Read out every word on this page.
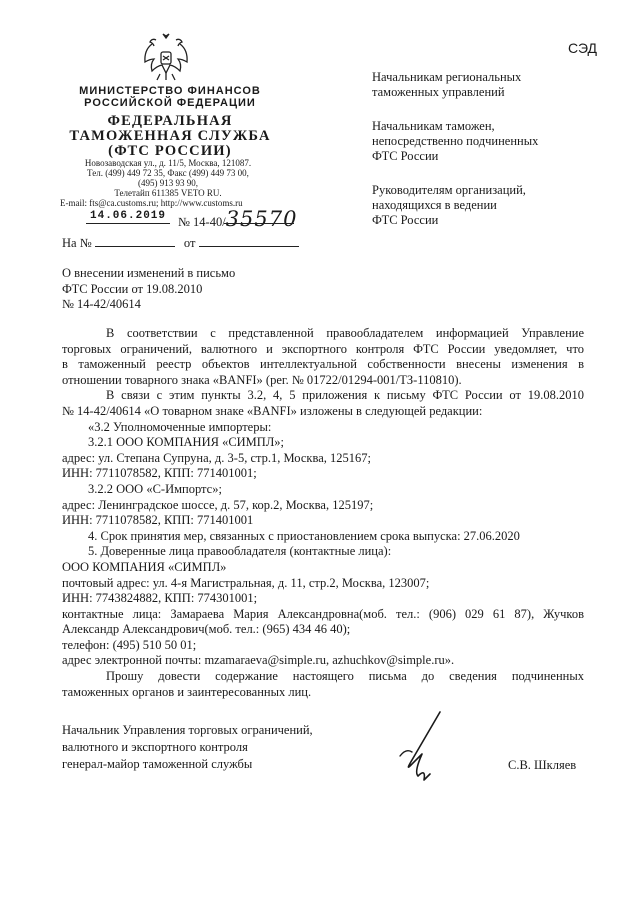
СЭД
МИНИСТЕРСТВО ФИНАНСОВ
РОССИЙСКОЙ ФЕДЕРАЦИИ
ФЕДЕРАЛЬНАЯ
ТАМОЖЕННАЯ СЛУЖБА
(ФТС РОССИИ)
Новозаводская ул., д. 11/5, Москва, 121087.
Тел. (499) 449 72 35, Факс (499) 449 73 00,
(495) 913 93 90,
Телетайп 611385 VETO RU.
E-mail: fts@ca.customs.ru; http://www.customs.ru
14.06.2019 № 14-40/35570
На №	от
Начальникам региональных
таможенных управлений
Начальникам таможен,
непосредственно подчиненных
ФТС России
Руководителям организаций,
находящихся в ведении
ФТС России
О внесении изменений в письмо
ФТС России от 19.08.2010
№ 14-42/40614

В соответствии с представленной правообладателем информацией Управление

торговых ограничений, валютного и экспортного контроля ФТС России уведомляет, что

в таможенный реестр объектов интеллектуальной собственности внесены изменения в

отношении товарного знака «BANFI» (рег. № 01722/01294-001/ТЗ-110810).

В связи с этим пункты 3.2, 4, 5 приложения к письму ФТС России от 19.08.2010

№ 14-42/40614 «О товарном знаке «BANFI» изложены в следующей редакции:

«3.2 Уполномоченные импортеры:

3.2.1 ООО КОМПАНИЯ «СИМПЛ»;

адрес: ул. Степана Супруна, д. 3-5, стр.1, Москва, 125167;

ИНН: 7711078582, КПП: 771401001;

3.2.2 ООО «С-Импортс»;

адрес: Ленинградское шоссе, д. 57, кор.2, Москва, 125197;

ИНН: 7711078582, КПП: 771401001

4. Срок принятия мер, связанных с приостановлением срока выпуска: 27.06.2020

5. Доверенные лица правообладателя (контактные лица):

ООО КОМПАНИЯ «СИМПЛ»

почтовый адрес: ул. 4-я Магистральная, д. 11, стр.2, Москва, 123007;

ИНН: 7743824882, КПП: 774301001;

контактные лица: Замараева Мария Александровна(моб. тел.: (906) 029 61 87), Жучков

Александр Александрович(моб. тел.: (965) 434 46 40);

телефон: (495) 510 50 01;

адрес электронной почты: mzamaraeva@simple.ru, azhuchkov@simple.ru».

Прошу довести содержание настоящего письма до сведения подчиненных

таможенных органов и заинтересованных лиц.

Начальник Управления торговых ограничений,
валютного и экспортного контроля
генерал-майор таможенной службы	С.В. Шкляев
